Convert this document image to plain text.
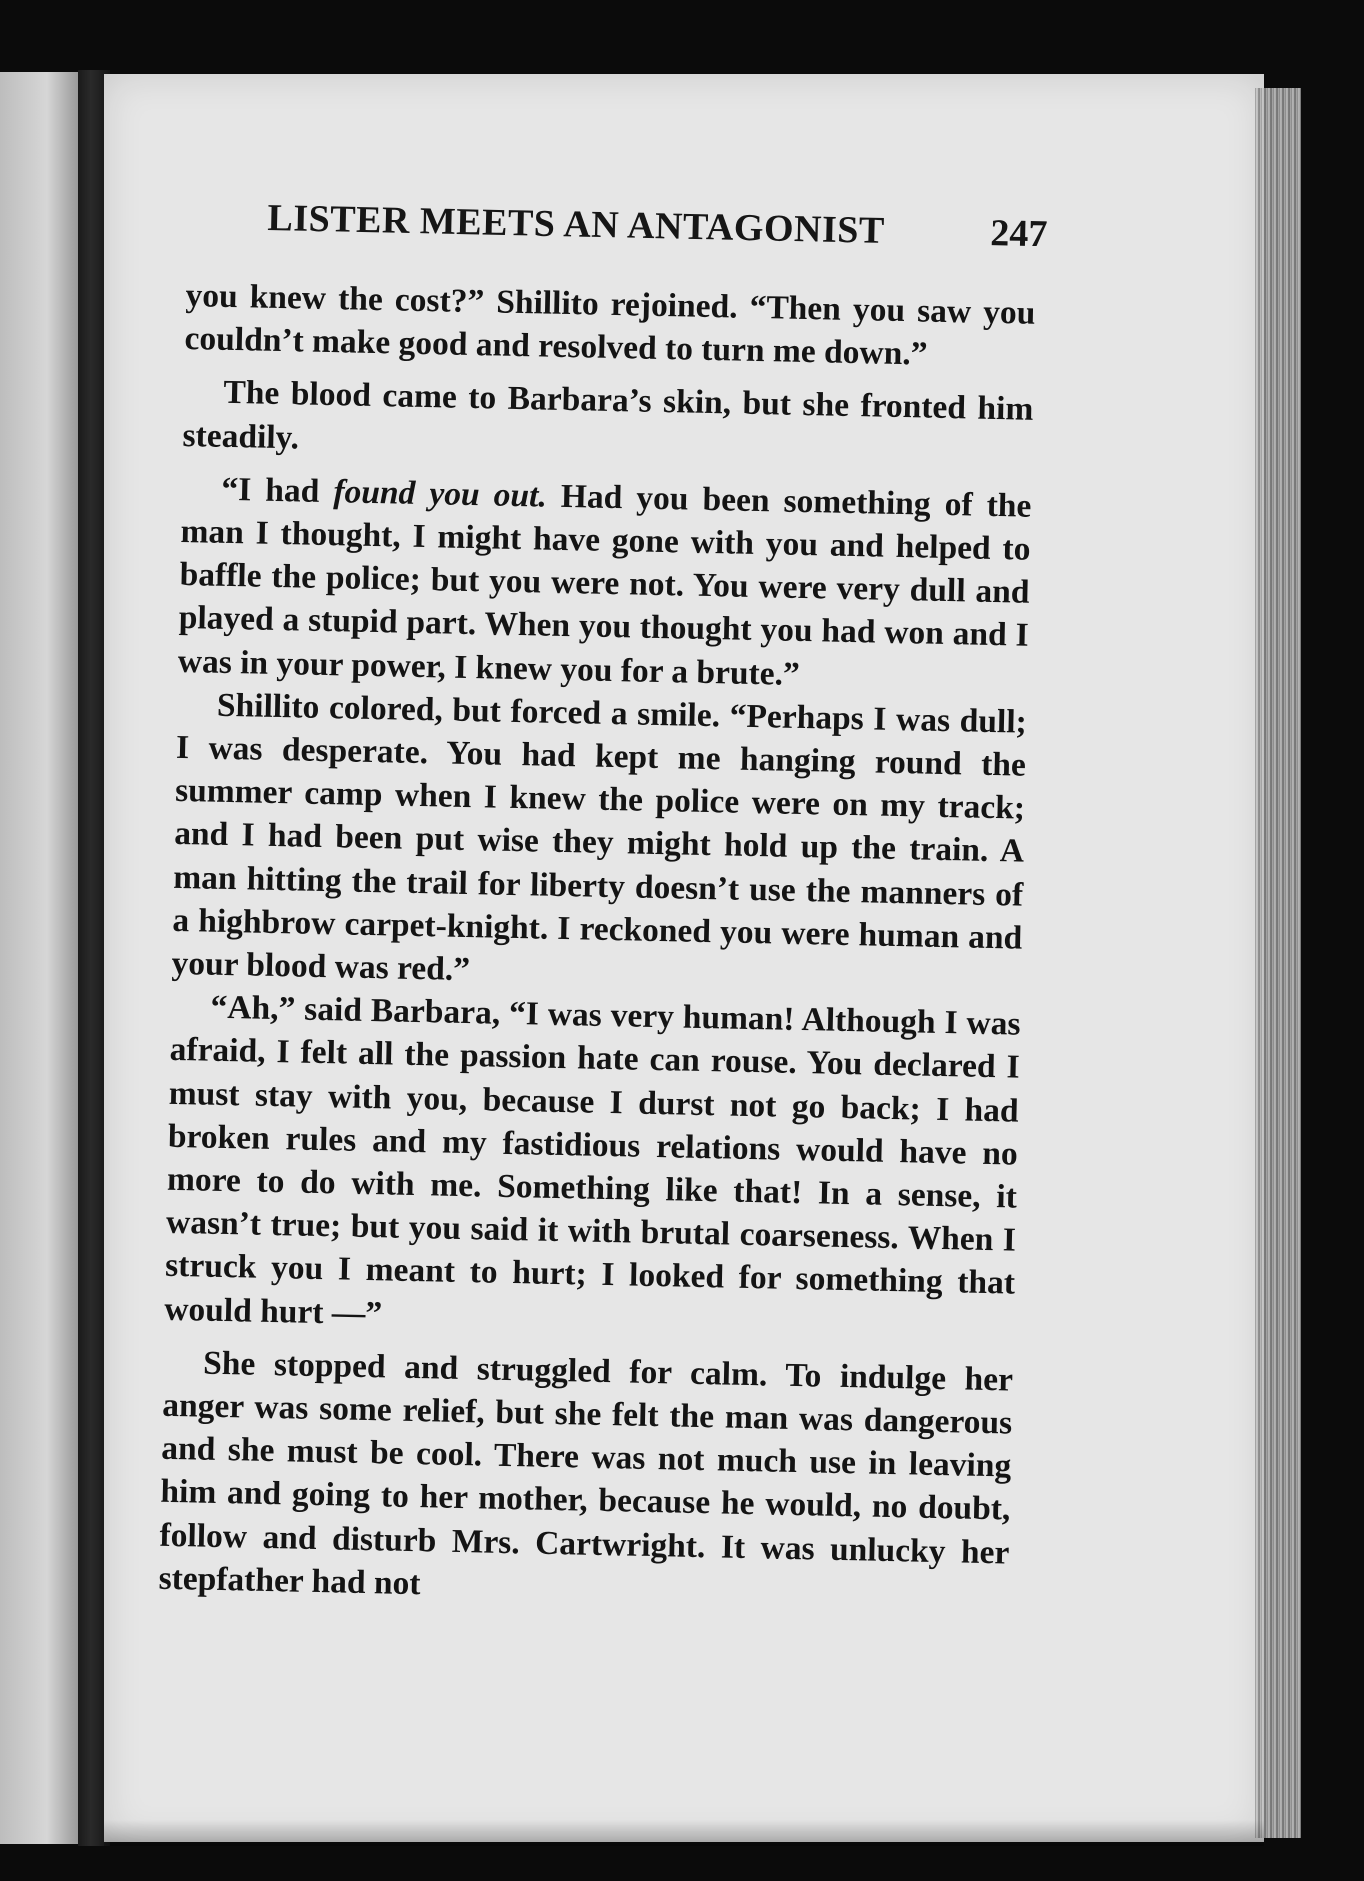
LISTER MEETS AN ANTAGONIST	247

you knew the cost?” Shillito rejoined. “Then you saw you couldn’t make good and resolved to turn me down.”

The blood came to Barbara’s skin, but she fronted him steadily.

“I had found you out. Had you been something of the man I thought, I might have gone with you and helped to baffle the police; but you were not. You were very dull and played a stupid part. When you thought you had won and I was in your power, I knew you for a brute.”

Shillito colored, but forced a smile. “Perhaps I was dull; I was desperate. You had kept me hanging round the summer camp when I knew the police were on my track; and I had been put wise they might hold up the train. A man hitting the trail for liberty doesn’t use the manners of a highbrow carpet-knight. I reckoned you were human and your blood was red.”

“Ah,” said Barbara, “I was very human! Although I was afraid, I felt all the passion hate can rouse. You declared I must stay with you, because I durst not go back; I had broken rules and my fastidious relations would have no more to do with me. Something like that! In a sense, it wasn’t true; but you said it with brutal coarseness. When I struck you I meant to hurt; I looked for something that would hurt —”

She stopped and struggled for calm. To indulge her anger was some relief, but she felt the man was dangerous and she must be cool. There was not much use in leaving him and going to her mother, because he would, no doubt, follow and disturb Mrs. Cartwright. It was unlucky her stepfather had not
